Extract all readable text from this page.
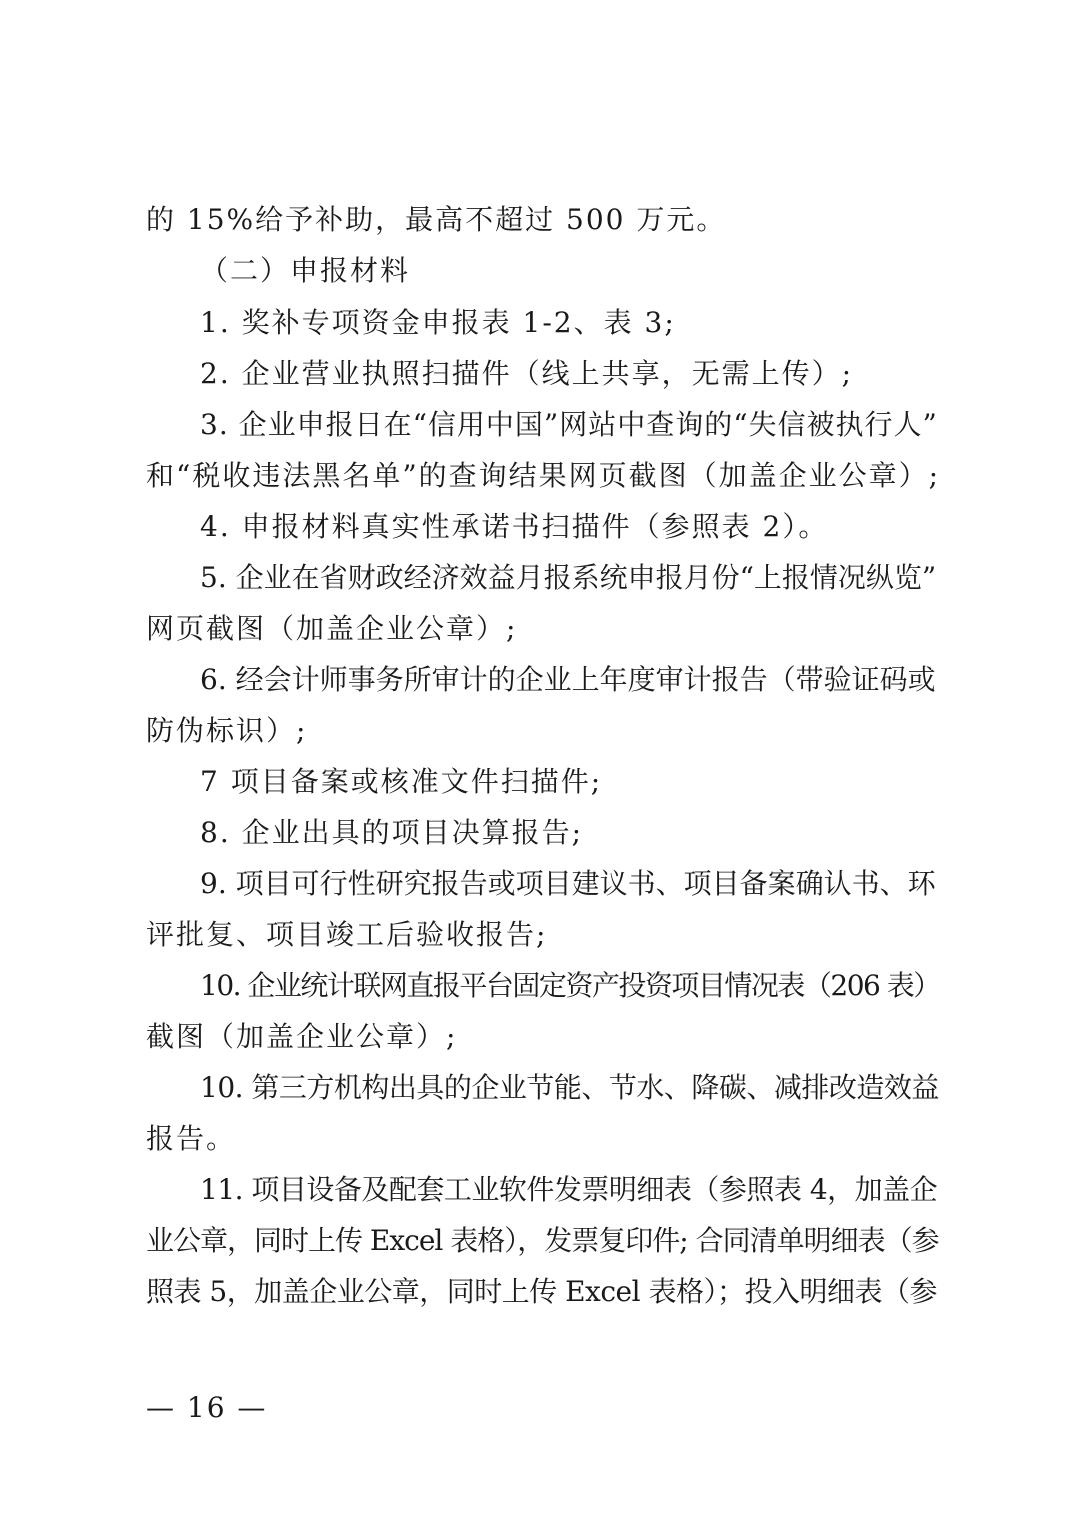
的 15%给予补助，最高不超过 500 万元。
（二）申报材料
1. 奖补专项资金申报表 1-2、表 3;
2. 企业营业执照扫描件（线上共享，无需上传）;
3. 企业申报日在“信用中国”网站中查询的“失信被执行人”
和“税收违法黑名单”的查询结果网页截图（加盖企业公章）;
4. 申报材料真实性承诺书扫描件（参照表 2）。
5. 企业在省财政经济效益月报系统申报月份“上报情况纵览”
网页截图（加盖企业公章）;
6. 经会计师事务所审计的企业上年度审计报告（带验证码或
防伪标识）;
7 项目备案或核准文件扫描件;
8. 企业出具的项目决算报告;
9. 项目可行性研究报告或项目建议书、项目备案确认书、环
评批复、项目竣工后验收报告;
10. 企业统计联网直报平台固定资产投资项目情况表（206 表）
截图（加盖企业公章）;
10. 第三方机构出具的企业节能、节水、降碳、减排改造效益
报告。
11. 项目设备及配套工业软件发票明细表（参照表 4，加盖企
业公章，同时上传 Excel 表格），发票复印件; 合同清单明细表（参
照表 5，加盖企业公章，同时上传 Excel 表格）；投入明细表（参
— 16 —
